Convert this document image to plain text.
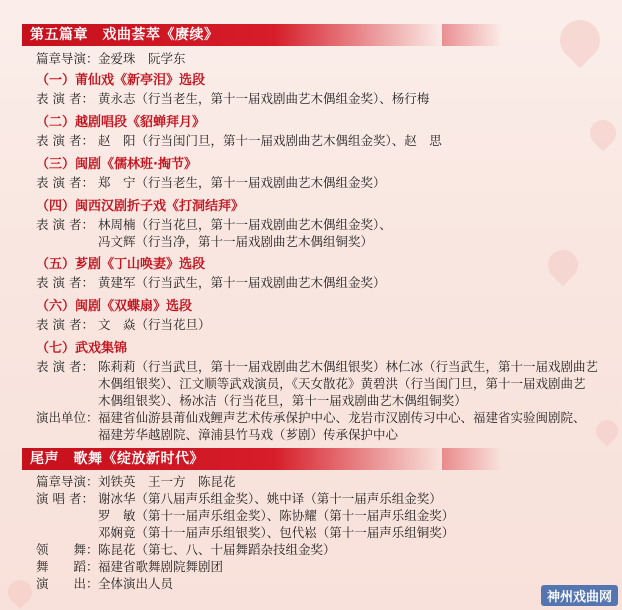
第五篇章　戏曲荟萃《赓续》
篇章导演：金爱珠　阮学东
（一）莆仙戏《新亭泪》选段
表 演 者： 黄永志（行当老生，第十一届戏剧曲艺木偶组金奖）、杨行梅
（二）越剧唱段《貂蝉拜月》
表 演 者： 赵　阳（行当闺门旦，第十一届戏剧曲艺木偶组金奖）、赵　思
（三）闽剧《儒林班·掏节》
表 演 者： 郑　宁（行当老生，第十一届戏剧曲艺木偶组金奖）
（四）闽西汉剧折子戏《打洞结拜》
表 演 者： 林周楠（行当花旦，第十一届戏剧曲艺木偶组金奖）、
冯文辉（行当净，第十一届戏剧曲艺木偶组铜奖）
（五）芗剧《丁山唤妻》选段
表 演 者： 黄建军（行当武生，第十一届戏剧曲艺木偶组金奖）
（六）闽剧《双蝶扇》选段
表 演 者： 文　焱（行当花旦）
（七）武戏集锦
表 演 者： 陈莉莉（行当武旦，第十一届戏剧曲艺木偶组银奖）林仁冰（行当武生，第十一届戏剧曲艺
木偶组银奖）、江文顺等武戏演员，《天女散花》黄碧洪（行当闺门旦，第十一届戏剧曲艺
木偶组银奖）、杨冰洁（行当花旦，第十一届戏剧曲艺木偶组铜奖）
演出单位：福建省仙游县莆仙戏鲤声艺术传承保护中心、龙岩市汉剧传习中心、福建省实验闽剧院、
福建芳华越剧院、漳浦县竹马戏（芗剧）传承保护中心
尾声　歌舞《绽放新时代》
篇章导演：刘铁英　王一方　陈昆花
演 唱 者： 谢冰华（第八届声乐组金奖）、姚中译（第十一届声乐组金奖）
罗　敏（第十一届声乐组金奖）、陈协耀（第十一届声乐组金奖）
邓娴竟（第十一届声乐组银奖）、包代崧（第十一届声乐组铜奖）
领　　舞：陈昆花（第七、八、十届舞蹈杂技组金奖）
舞　　蹈：福建省歌舞剧院舞剧团
演　　出：全体演出人员
神州戏曲网
